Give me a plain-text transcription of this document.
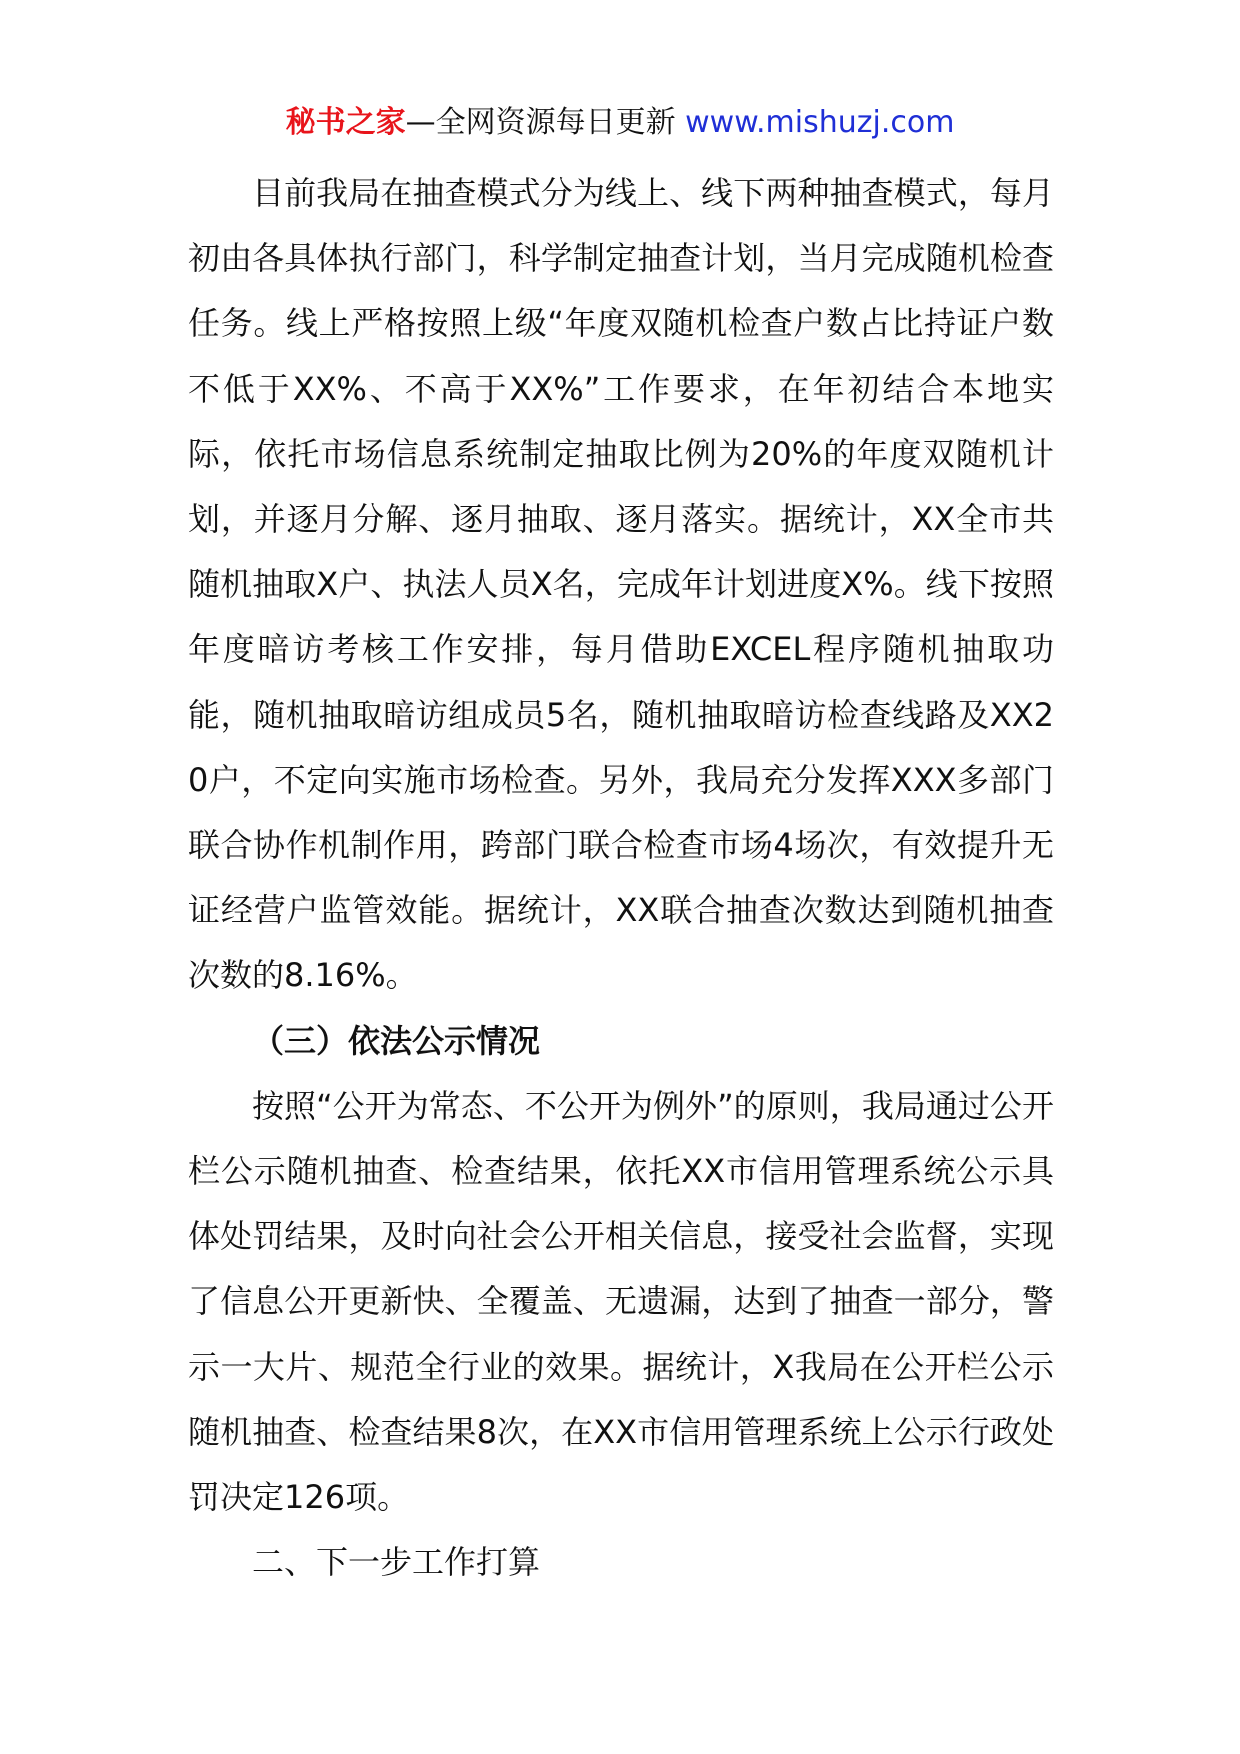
秘书之家—全网资源每日更新 www.mishuzj.com

目前我局在抽查模式分为线上、线下两种抽查模式，每月初由各具体执行部门，科学制定抽查计划，当月完成随机检查任务。线上严格按照上级“年度双随机检查户数占比持证户数不低于XX%、不高于XX%”工作要求，在年初结合本地实际，依托市场信息系统制定抽取比例为20%的年度双随机计划，并逐月分解、逐月抽取、逐月落实。据统计，XX全市共随机抽取X户、执法人员X名，完成年计划进度X%。线下按照年度暗访考核工作安排，每月借助EXCEL程序随机抽取功能，随机抽取暗访组成员5名，随机抽取暗访检查线路及XX20户，不定向实施市场检查。另外，我局充分发挥XXX多部门联合协作机制作用，跨部门联合检查市场4场次，有效提升无证经营户监管效能。据统计，XX联合抽查次数达到随机抽查次数的8.16%。

（三）依法公示情况

按照“公开为常态、不公开为例外”的原则，我局通过公开栏公示随机抽查、检查结果，依托XX市信用管理系统公示具体处罚结果，及时向社会公开相关信息，接受社会监督，实现了信息公开更新快、全覆盖、无遗漏，达到了抽查一部分，警示一大片、规范全行业的效果。据统计，X我局在公开栏公示随机抽查、检查结果8次，在XX市信用管理系统上公示行政处罚决定126项。

二、下一步工作打算
